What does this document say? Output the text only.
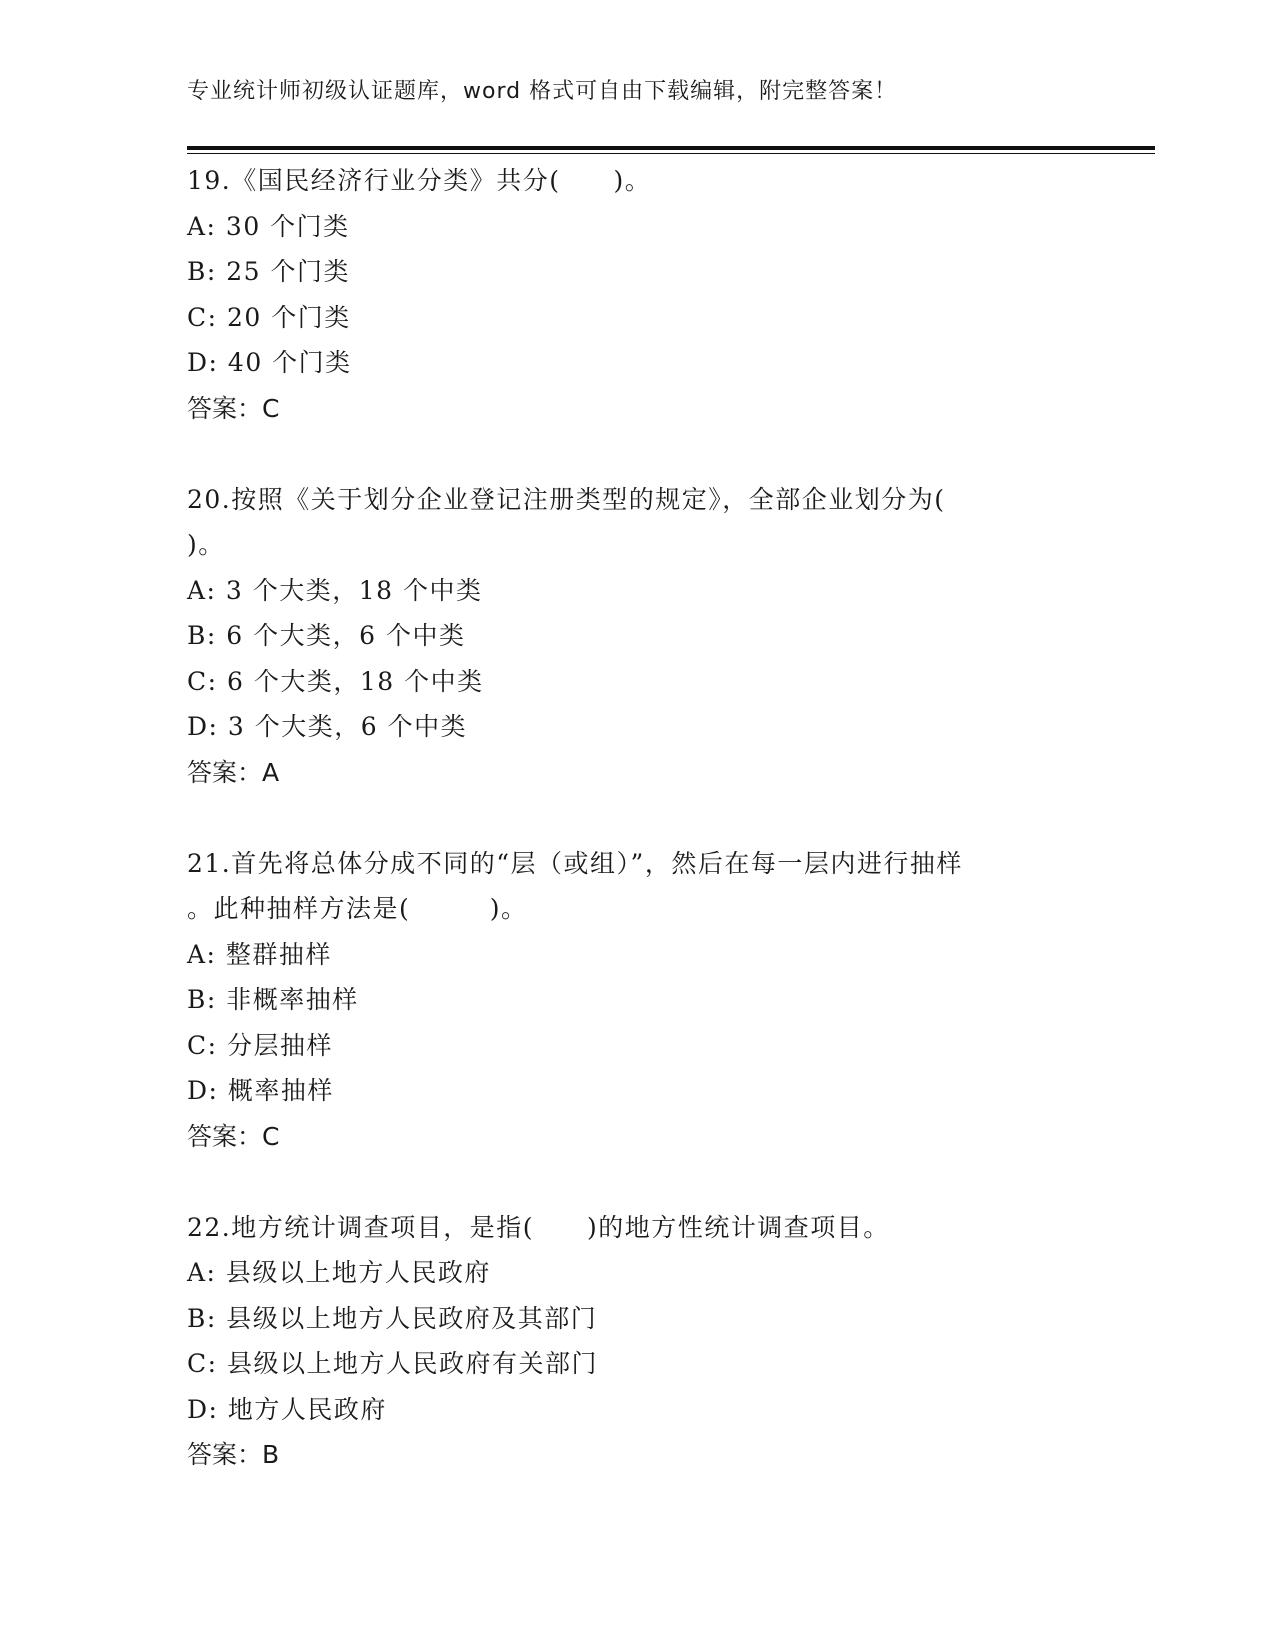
专业统计师初级认证题库，word 格式可自由下载编辑，附完整答案！
19.《国民经济行业分类》共分(　　)。
A: 30 个门类
B: 25 个门类
C: 20 个门类
D: 40 个门类
答案：C
20.按照《关于划分企业登记注册类型的规定》，全部企业划分为(
)。
A: 3 个大类，18 个中类
B: 6 个大类，6 个中类
C: 6 个大类，18 个中类
D: 3 个大类，6 个中类
答案：A
21.首先将总体分成不同的“层（或组）”，然后在每一层内进行抽样
。此种抽样方法是(　　　)。
A: 整群抽样
B: 非概率抽样
C: 分层抽样
D: 概率抽样
答案：C
22.地方统计调查项目，是指(　　)的地方性统计调查项目。
A: 县级以上地方人民政府
B: 县级以上地方人民政府及其部门
C: 县级以上地方人民政府有关部门
D: 地方人民政府
答案：B
